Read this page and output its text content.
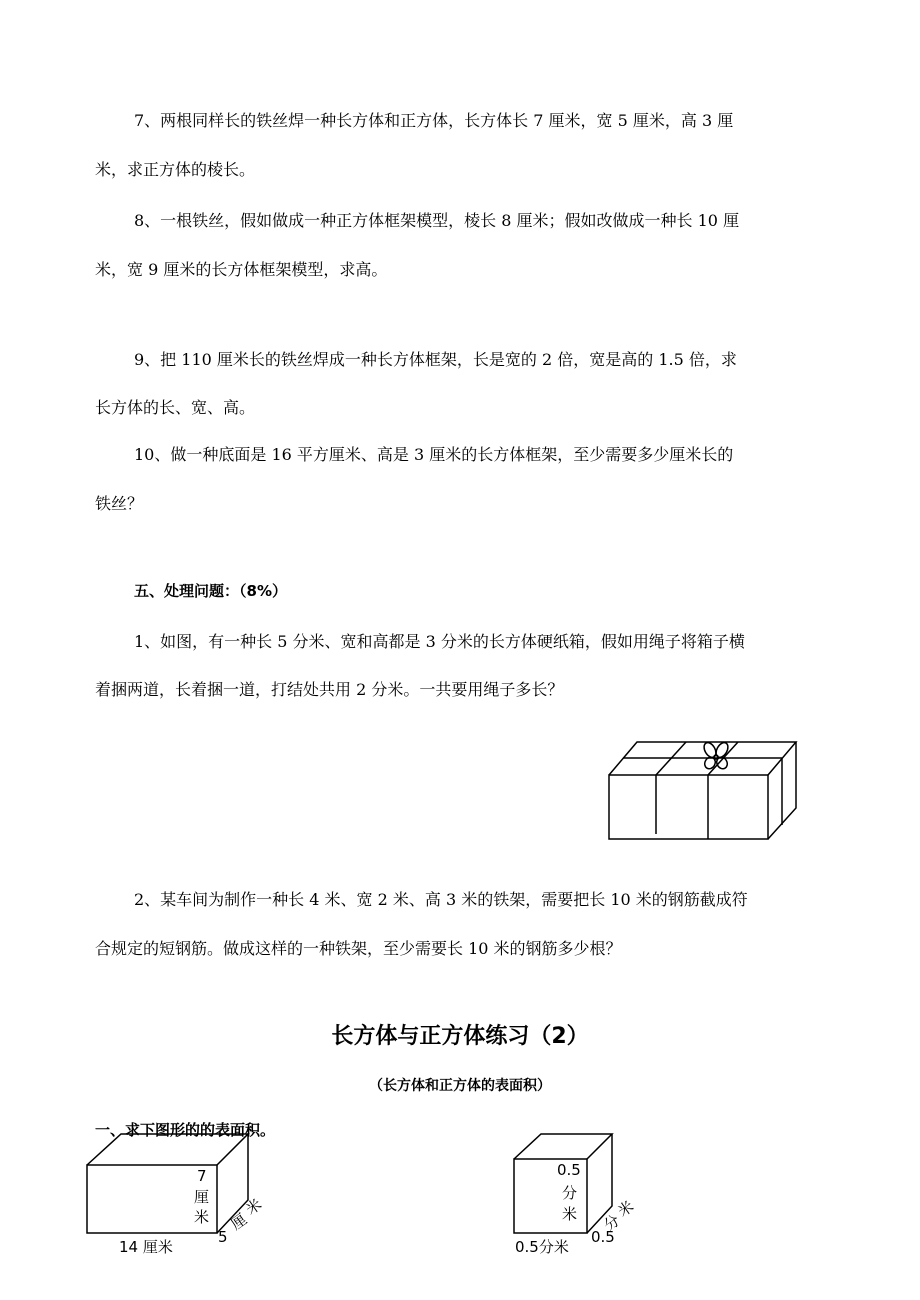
7、两根同样长的铁丝焊一种长方体和正方体，长方体长 7 厘米，宽 5 厘米，高 3 厘
米，求正方体的棱长。
8、一根铁丝，假如做成一种正方体框架模型，棱长 8 厘米；假如改做成一种长 10 厘
米，宽 9 厘米的长方体框架模型，求高。
9、把 110 厘米长的铁丝焊成一种长方体框架，长是宽的 2 倍，宽是高的 1.5 倍，求
长方体的长、宽、高。
10、做一种底面是 16 平方厘米、高是 3 厘米的长方体框架，至少需要多少厘米长的
铁丝？
五、处理问题：（8%）
1、如图，有一种长 5 分米、宽和高都是 3 分米的长方体硬纸箱，假如用绳子将箱子横
着捆两道，长着捆一道，打结处共用 2 分米。一共要用绳子多长？
2、某车间为制作一种长 4 米、宽 2 米、高 3 米的铁架，需要把长 10 米的钢筋截成符
合规定的短钢筋。做成这样的一种铁架，至少需要长 10 米的钢筋多少根？
长方体与正方体练习（2）
（长方体和正方体的表面积）
一、求下图形的的表面积。
7
厘
米
14 厘米
5
厘
米
0.5
分
米
0.5分米
0.5
分
米
